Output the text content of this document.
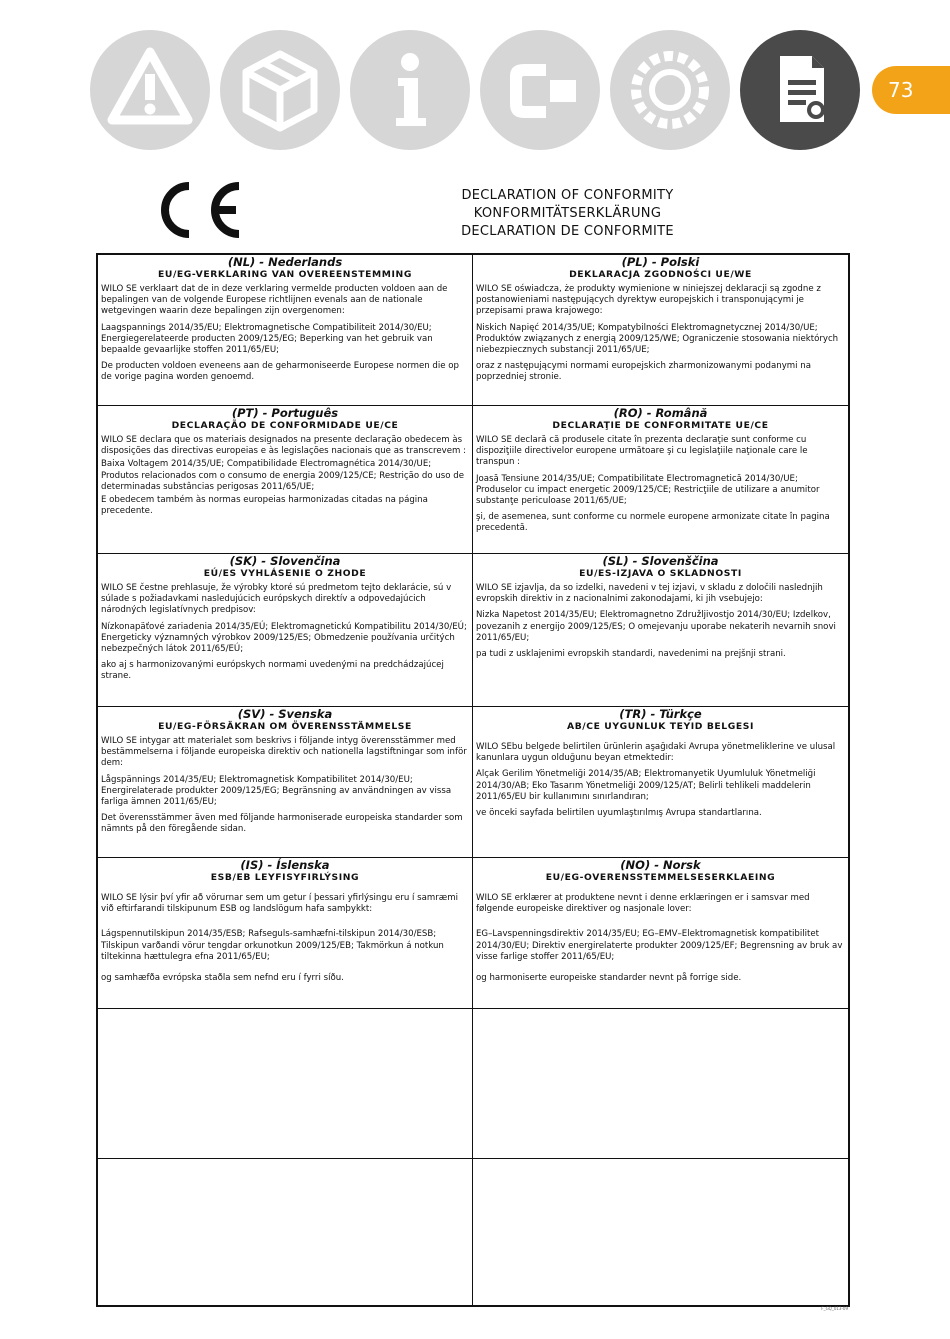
73
DECLARATION OF CONFORMITY
KONFORMITÄTSERKLÄRUNG
DECLARATION DE CONFORMITE
(NL) - Nederlands
EU/EG-VERKLARING VAN OVEREENSTEMMING

WILO SE verklaart dat de in deze verklaring vermelde producten voldoen aan de bepalingen van de volgende Europese richtlijnen evenals aan de nationale wetgevingen waarin deze bepalingen zijn overgenomen:

Laagspannings 2014/35/EU; Elektromagnetische Compatibiliteit 2014/30/EU; Energiegerelateerde producten 2009/125/EG; Beperking van het gebruik van bepaalde gevaarlijke stoffen 2011/65/EU;

De producten voldoen eveneens aan de geharmoniseerde Europese normen die op de vorige pagina worden genoemd.

(PL) - Polski
DEKLARACJA ZGODNOŚCI UE/WE

WILO SE oświadcza, że produkty wymienione w niniejszej deklaracji są zgodne z postanowieniami następujących dyrektyw europejskich i transponującymi je przepisami prawa krajowego:

Niskich Napięć 2014/35/UE; Kompatybilności Elektromagnetycznej 2014/30/UE; Produktów związanych z energią 2009/125/WE; Ograniczenie stosowania niektórych niebezpiecznych substancji 2011/65/UE;

oraz z następującymi normami europejskich zharmonizowanymi podanymi na poprzedniej stronie.

(PT) - Português
DECLARAÇÃO DE CONFORMIDADE UE/CE

WILO SE declara que os materiais designados na presente declaração obedecem às disposições das directivas europeias e às legislações nacionais que as transcrevem :

Baixa Voltagem 2014/35/UE; Compatibilidade Electromagnética 2014/30/UE; Produtos relacionados com o consumo de energia 2009/125/CE; Restrição do uso de determinadas substâncias perigosas 2011/65/UE;

E obedecem também às normas europeias harmonizadas citadas na página precedente.

(RO) - Română
DECLARAŢIE DE CONFORMITATE UE/CE

WILO SE declară că produsele citate în prezenta declaraţie sunt conforme cu dispoziţiile directivelor europene următoare şi cu legislaţiile naţionale care le transpun :

Joasă Tensiune 2014/35/UE; Compatibilitate Electromagnetică 2014/30/UE; Produselor cu impact energetic 2009/125/CE; Restricţiile de utilizare a anumitor substanţe periculoase 2011/65/UE;

şi, de asemenea, sunt conforme cu normele europene armonizate citate în pagina precedentă.

(SK) - Slovenčina
EÚ/ES VYHLÁSENIE O ZHODE

WILO SE čestne prehlasuje, že výrobky ktoré sú predmetom tejto deklarácie, sú v súlade s požiadavkami nasledujúcich európskych direktív a odpovedajúcich národných legislatívnych predpisov:

Nízkonapäťové zariadenia 2014/35/EÚ; Elektromagnetickú Kompatibilitu 2014/30/EÚ; Energeticky významných výrobkov 2009/125/ES; Obmedzenie používania určitých nebezpečných látok 2011/65/EÚ;

ako aj s harmonizovanými európskych normami uvedenými na predchádzajúcej strane.

(SL) - Slovenščina
EU/ES-IZJAVA O SKLADNOSTI

WILO SE izjavlja, da so izdelki, navedeni v tej izjavi, v skladu z določili naslednjih evropskih direktiv in z nacionalnimi zakonodajami, ki jih vsebujejo:

Nizka Napetost 2014/35/EU; Elektromagnetno Združljivostjo 2014/30/EU; Izdelkov, povezanih z energijo 2009/125/ES; O omejevanju uporabe nekaterih nevarnih snovi 2011/65/EU;

pa tudi z usklajenimi evropskih standardi, navedenimi na prejšnji strani.

(SV) - Svenska
EU/EG-FÖRSÄKRAN OM ÖVERENSSTÄMMELSE

WILO SE intygar att materialet som beskrivs i följande intyg överensstämmer med bestämmelserna i följande europeiska direktiv och nationella lagstiftningar som inför dem:

Lågspännings 2014/35/EU; Elektromagnetisk Kompatibilitet 2014/30/EU; Energirelaterade produkter 2009/125/EG; Begränsning av användningen av vissa farliga ämnen 2011/65/EU;

Det överensstämmer även med följande harmoniserade europeiska standarder som nämnts på den föregående sidan.

(TR) - Türkçe
AB/CE UYGUNLUK TEYID BELGESI

WILO SEbu belgede belirtilen ürünlerin aşağıdaki Avrupa yönetmeliklerine ve ulusal kanunlara uygun olduğunu beyan etmektedir:

Alçak Gerilim Yönetmeliği 2014/35/AB; Elektromanyetik Uyumluluk Yönetmeliği 2014/30/AB; Eko Tasarım Yönetmeliği 2009/125/AT; Belirli tehlikeli maddelerin 2011/65/EU bir kullanımını sınırlandıran;

ve önceki sayfada belirtilen uyumlaştırılmış Avrupa standartlarına.

(IS) - Íslenska
ESB/EB LEYFISYFIRLÝSING

WILO SE lýsir því yfir að vörurnar sem um getur í þessari yfirlýsingu eru í samræmi við eftirfarandi tilskipunum ESB og landslögum hafa samþykkt:

Lágspennutilskipun 2014/35/ESB; Rafseguls-samhæfni-tilskipun 2014/30/ESB; Tilskipun varðandi vörur tengdar orkunotkun 2009/125/EB; Takmörkun á notkun tiltekinna hættulegra efna 2011/65/EU;

og samhæfða evrópska staðla sem nefnd eru í fyrri síðu.

(NO) - Norsk
EU/EG-OVERENSSTEMMELSESERKLAEING

WILO SE erklærer at produktene nevnt i denne erklæringen er i samsvar med følgende europeiske direktiver og nasjonale lover:

EG–Lavspenningsdirektiv 2014/35/EU; EG–EMV–Elektromagnetisk kompatibilitet 2014/30/EU; Direktiv energirelaterte produkter 2009/125/EF; Begrensning av bruk av visse farlige stoffer 2011/65/EU;

og harmoniserte europeiske standarder nevnt på forrige side.

F_GQ_013-09
